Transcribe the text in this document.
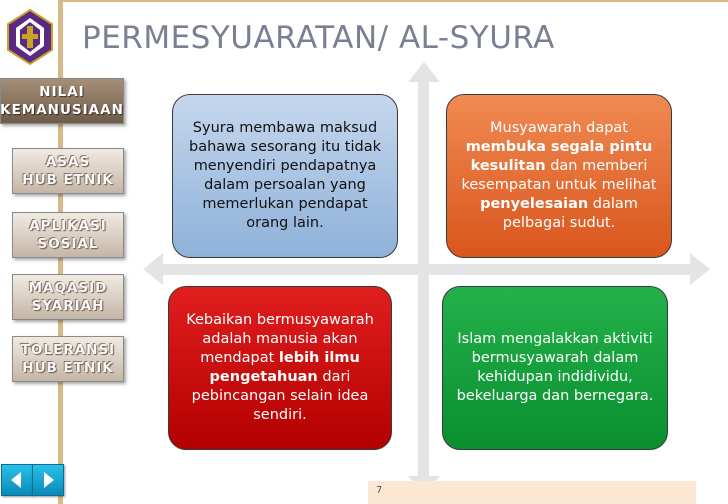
PERMESYUARATAN/ AL-SYURA
NILAI
KEMANUSIAAN
ASAS
HUB ETNIK
APLIKASI
SOSIAL
MAQASID
SYARIAH
TOLERANSI
HUB ETNIK

Syura membawa maksud bahawa sesorang itu tidak menyendiri pendapatnya dalam persoalan yang memerlukan pendapat orang lain.

Musyawarah dapat membuka segala pintu kesulitan dan memberi kesempatan untuk melihat penyelesaian dalam pelbagai sudut.

Kebaikan bermusyawarah adalah manusia akan mendapat lebih ilmu pengetahuan dari pebincangan selain idea sendiri.

Islam mengalakkan aktiviti bermusyawarah dalam kehidupan indidividu, bekeluarga dan bernegara.

7
